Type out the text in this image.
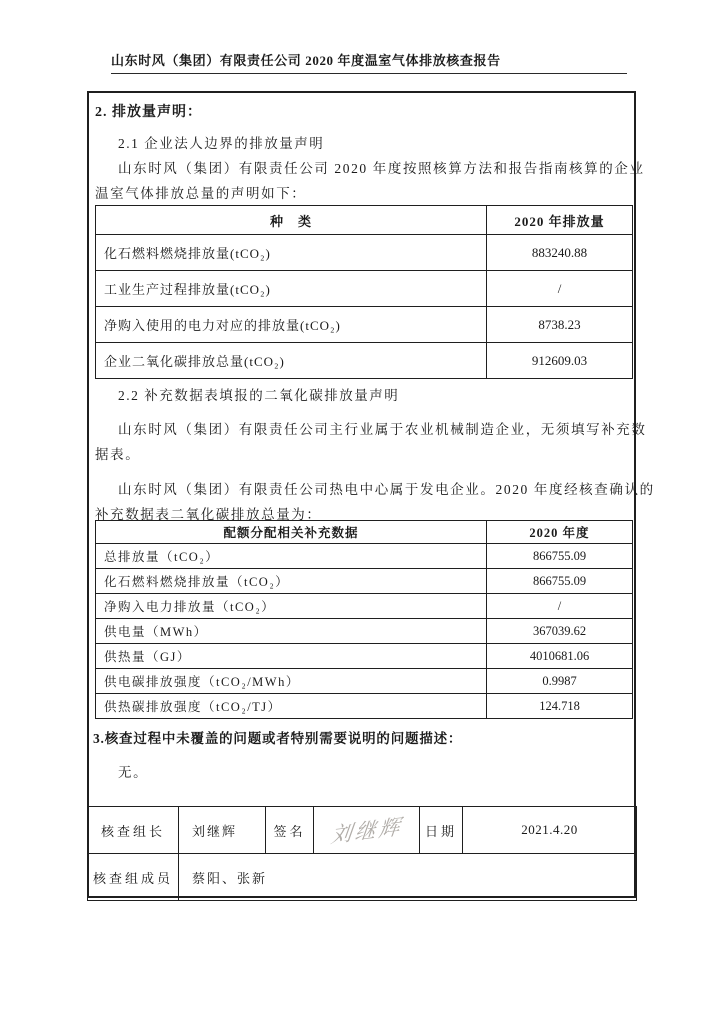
山东时风（集团）有限责任公司 2020 年度温室气体排放核查报告
2. 排放量声明：
2.1 企业法人边界的排放量声明
山东时风（集团）有限责任公司 2020 年度按照核算方法和报告指南核算的企业
温室气体排放总量的声明如下：
种　类	2020 年排放量
化石燃料燃烧排放量(tCO₂)	883240.88
工业生产过程排放量(tCO₂)	/
净购入使用的电力对应的排放量(tCO₂)	8738.23
企业二氧化碳排放总量(tCO₂)	912609.03
2.2 补充数据表填报的二氧化碳排放量声明
山东时风（集团）有限责任公司主行业属于农业机械制造企业，无须填写补充数
据表。
山东时风（集团）有限责任公司热电中心属于发电企业。2020 年度经核查确认的
补充数据表二氧化碳排放总量为：
配额分配相关补充数据	2020 年度
总排放量（tCO₂）	866755.09
化石燃料燃烧排放量（tCO₂）	866755.09
净购入电力排放量（tCO₂）	/
供电量（MWh）	367039.62
供热量（GJ）	4010681.06
供电碳排放强度（tCO₂/MWh）	0.9987
供热碳排放强度（tCO₂/TJ）	124.718
3.核查过程中未覆盖的问题或者特别需要说明的问题描述：
无。
核查组长	刘继辉	签名	刘继辉	日期	2021.4.20
核查组成员	蔡阳、张新				
